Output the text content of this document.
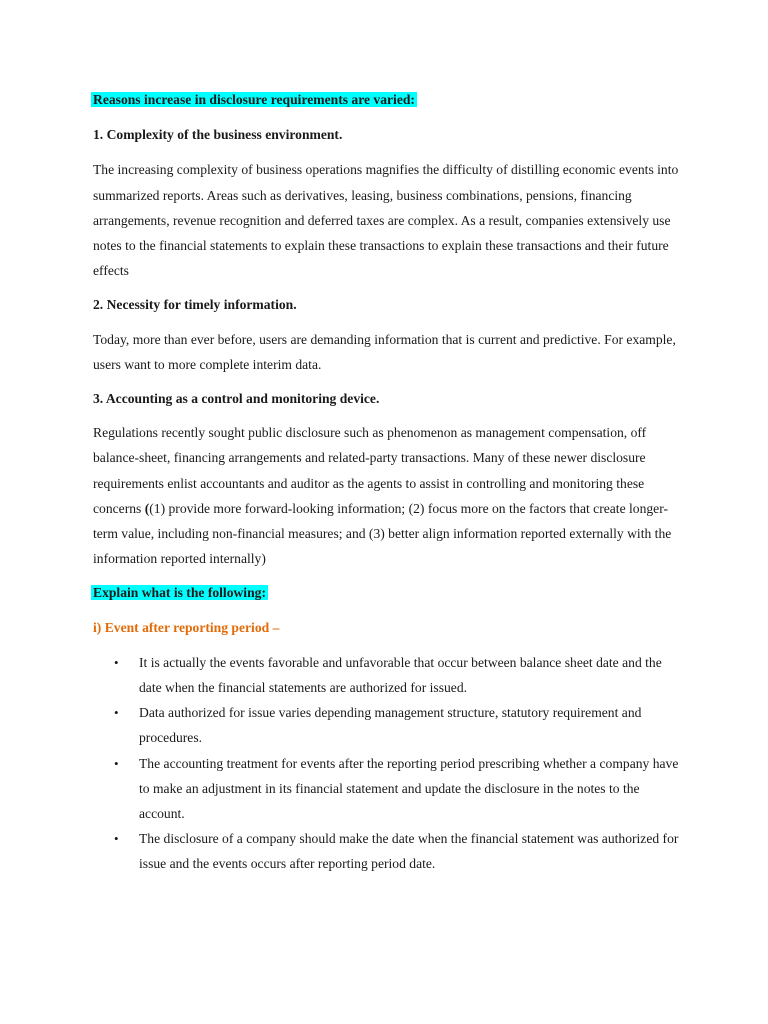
Reasons increase in disclosure requirements are varied:

1. Complexity of the business environment.

The increasing complexity of business operations magnifies the difficulty of distilling economic events into summarized reports. Areas such as derivatives, leasing, business combinations, pensions, financing arrangements, revenue recognition and deferred taxes are complex. As a result, companies extensively use notes to the financial statements to explain these transactions to explain these transactions and their future effects

2. Necessity for timely information.

Today, more than ever before, users are demanding information that is current and predictive. For example, users want to more complete interim data.

3. Accounting as a control and monitoring device.

Regulations recently sought public disclosure such as phenomenon as management compensation, off balance-sheet, financing arrangements and related-party transactions. Many of these newer disclosure requirements enlist accountants and auditor as the agents to assist in controlling and monitoring these concerns ((1) provide more forward-looking information; (2) focus more on the factors that create longer-term value, including non-financial measures; and (3) better align information reported externally with the information reported internally)

Explain what is the following:

i) Event after reporting period –

• It is actually the events favorable and unfavorable that occur between balance sheet date and the date when the financial statements are authorized for issued.
• Data authorized for issue varies depending management structure, statutory requirement and procedures.
• The accounting treatment for events after the reporting period prescribing whether a company have to make an adjustment in its financial statement and update the disclosure in the notes to the account.
• The disclosure of a company should make the date when the financial statement was authorized for issue and the events occurs after reporting period date.
